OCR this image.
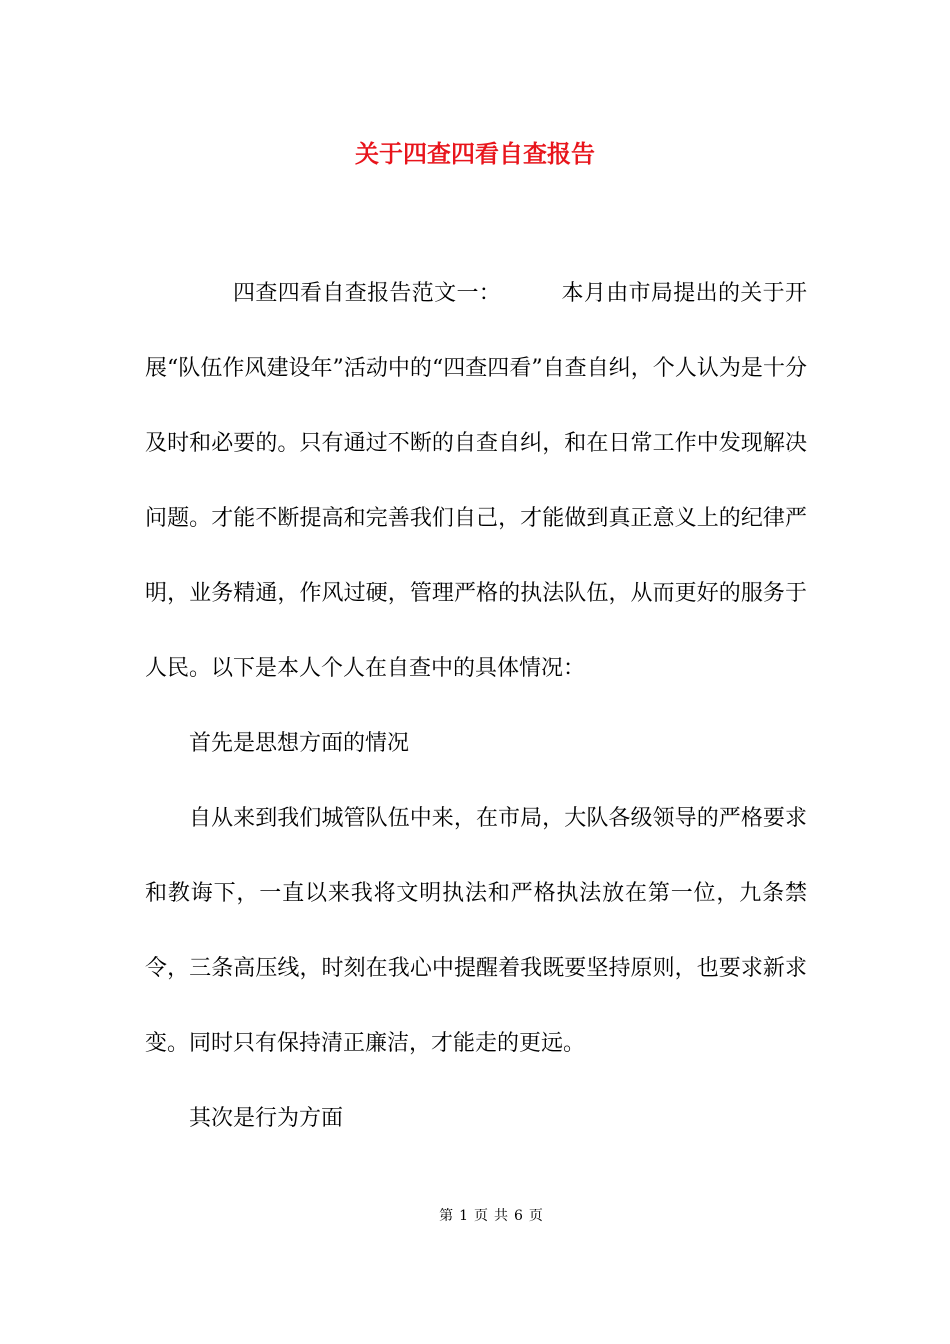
关于四查四看自查报告

四查四看自查报告范文一：	本月由市局提出的关于开展“队伍作风建设年”活动中的“四查四看”自查自纠，个人认为是十分及时和必要的。只有通过不断的自查自纠，和在日常工作中发现解决问题。才能不断提高和完善我们自己，才能做到真正意义上的纪律严明，业务精通，作风过硬，管理严格的执法队伍，从而更好的服务于人民。以下是本人个人在自查中的具体情况：

首先是思想方面的情况

自从来到我们城管队伍中来，在市局，大队各级领导的严格要求和教诲下，一直以来我将文明执法和严格执法放在第一位，九条禁令，三条高压线，时刻在我心中提醒着我既要坚持原则，也要求新求变。同时只有保持清正廉洁，才能走的更远。

其次是行为方面

第 1 页 共 6 页
